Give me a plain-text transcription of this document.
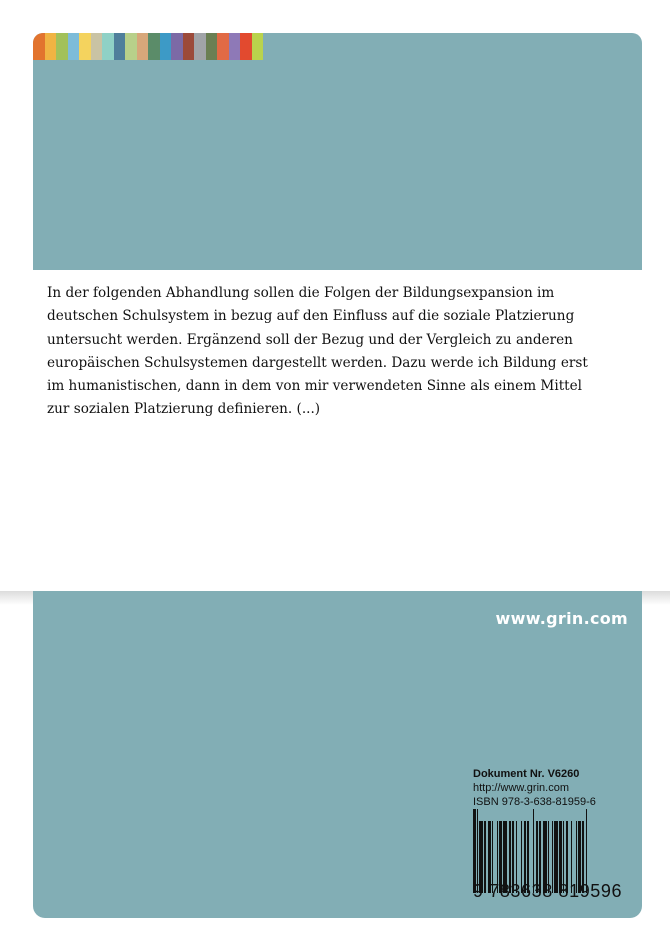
In der folgenden Abhandlung sollen die Folgen der Bildungsexpansion im deutschen Schulsystem in bezug auf den Einfluss auf die soziale Platzierung untersucht werden. Ergänzend soll der Bezug und der Vergleich zu anderen europäischen Schulsystemen dargestellt werden. Dazu werde ich Bildung erst im humanistischen, dann in dem von mir verwendeten Sinne als einem Mittel zur sozialen Platzierung definieren. (...)
www.grin.com
Dokument Nr. V6260
http://www.grin.com
ISBN 978-3-638-81959-6
9 783638 819596
